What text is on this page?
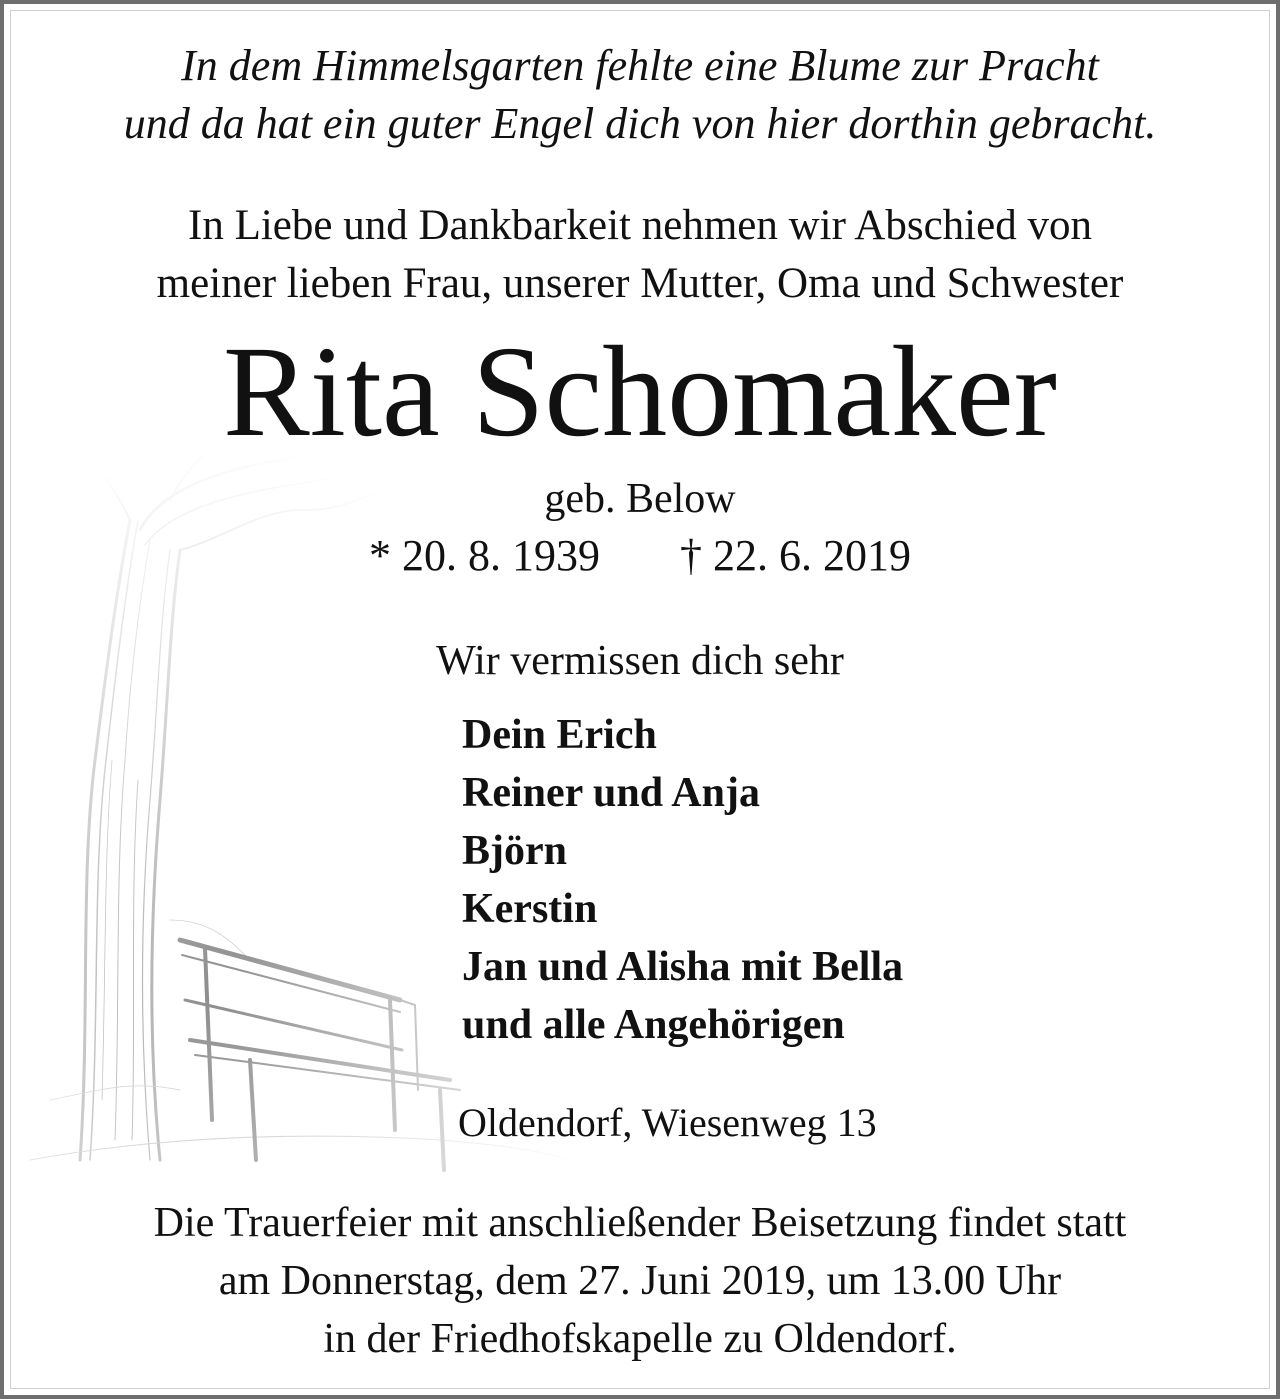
In dem Himmelsgarten fehlte eine Blume zur Pracht
und da hat ein guter Engel dich von hier dorthin gebracht.
In Liebe und Dankbarkeit nehmen wir Abschied von
meiner lieben Frau, unserer Mutter, Oma und Schwester
Rita Schomaker
geb. Below
* 20. 8. 1939 † 22. 6. 2019
Wir vermissen dich sehr
Dein Erich
Reiner und Anja
Björn
Kerstin
Jan und Alisha mit Bella
und alle Angehörigen
Oldendorf, Wiesenweg 13
Die Trauerfeier mit anschließender Beisetzung findet statt
am Donnerstag, dem 27. Juni 2019, um 13.00 Uhr
in der Friedhofskapelle zu Oldendorf.
